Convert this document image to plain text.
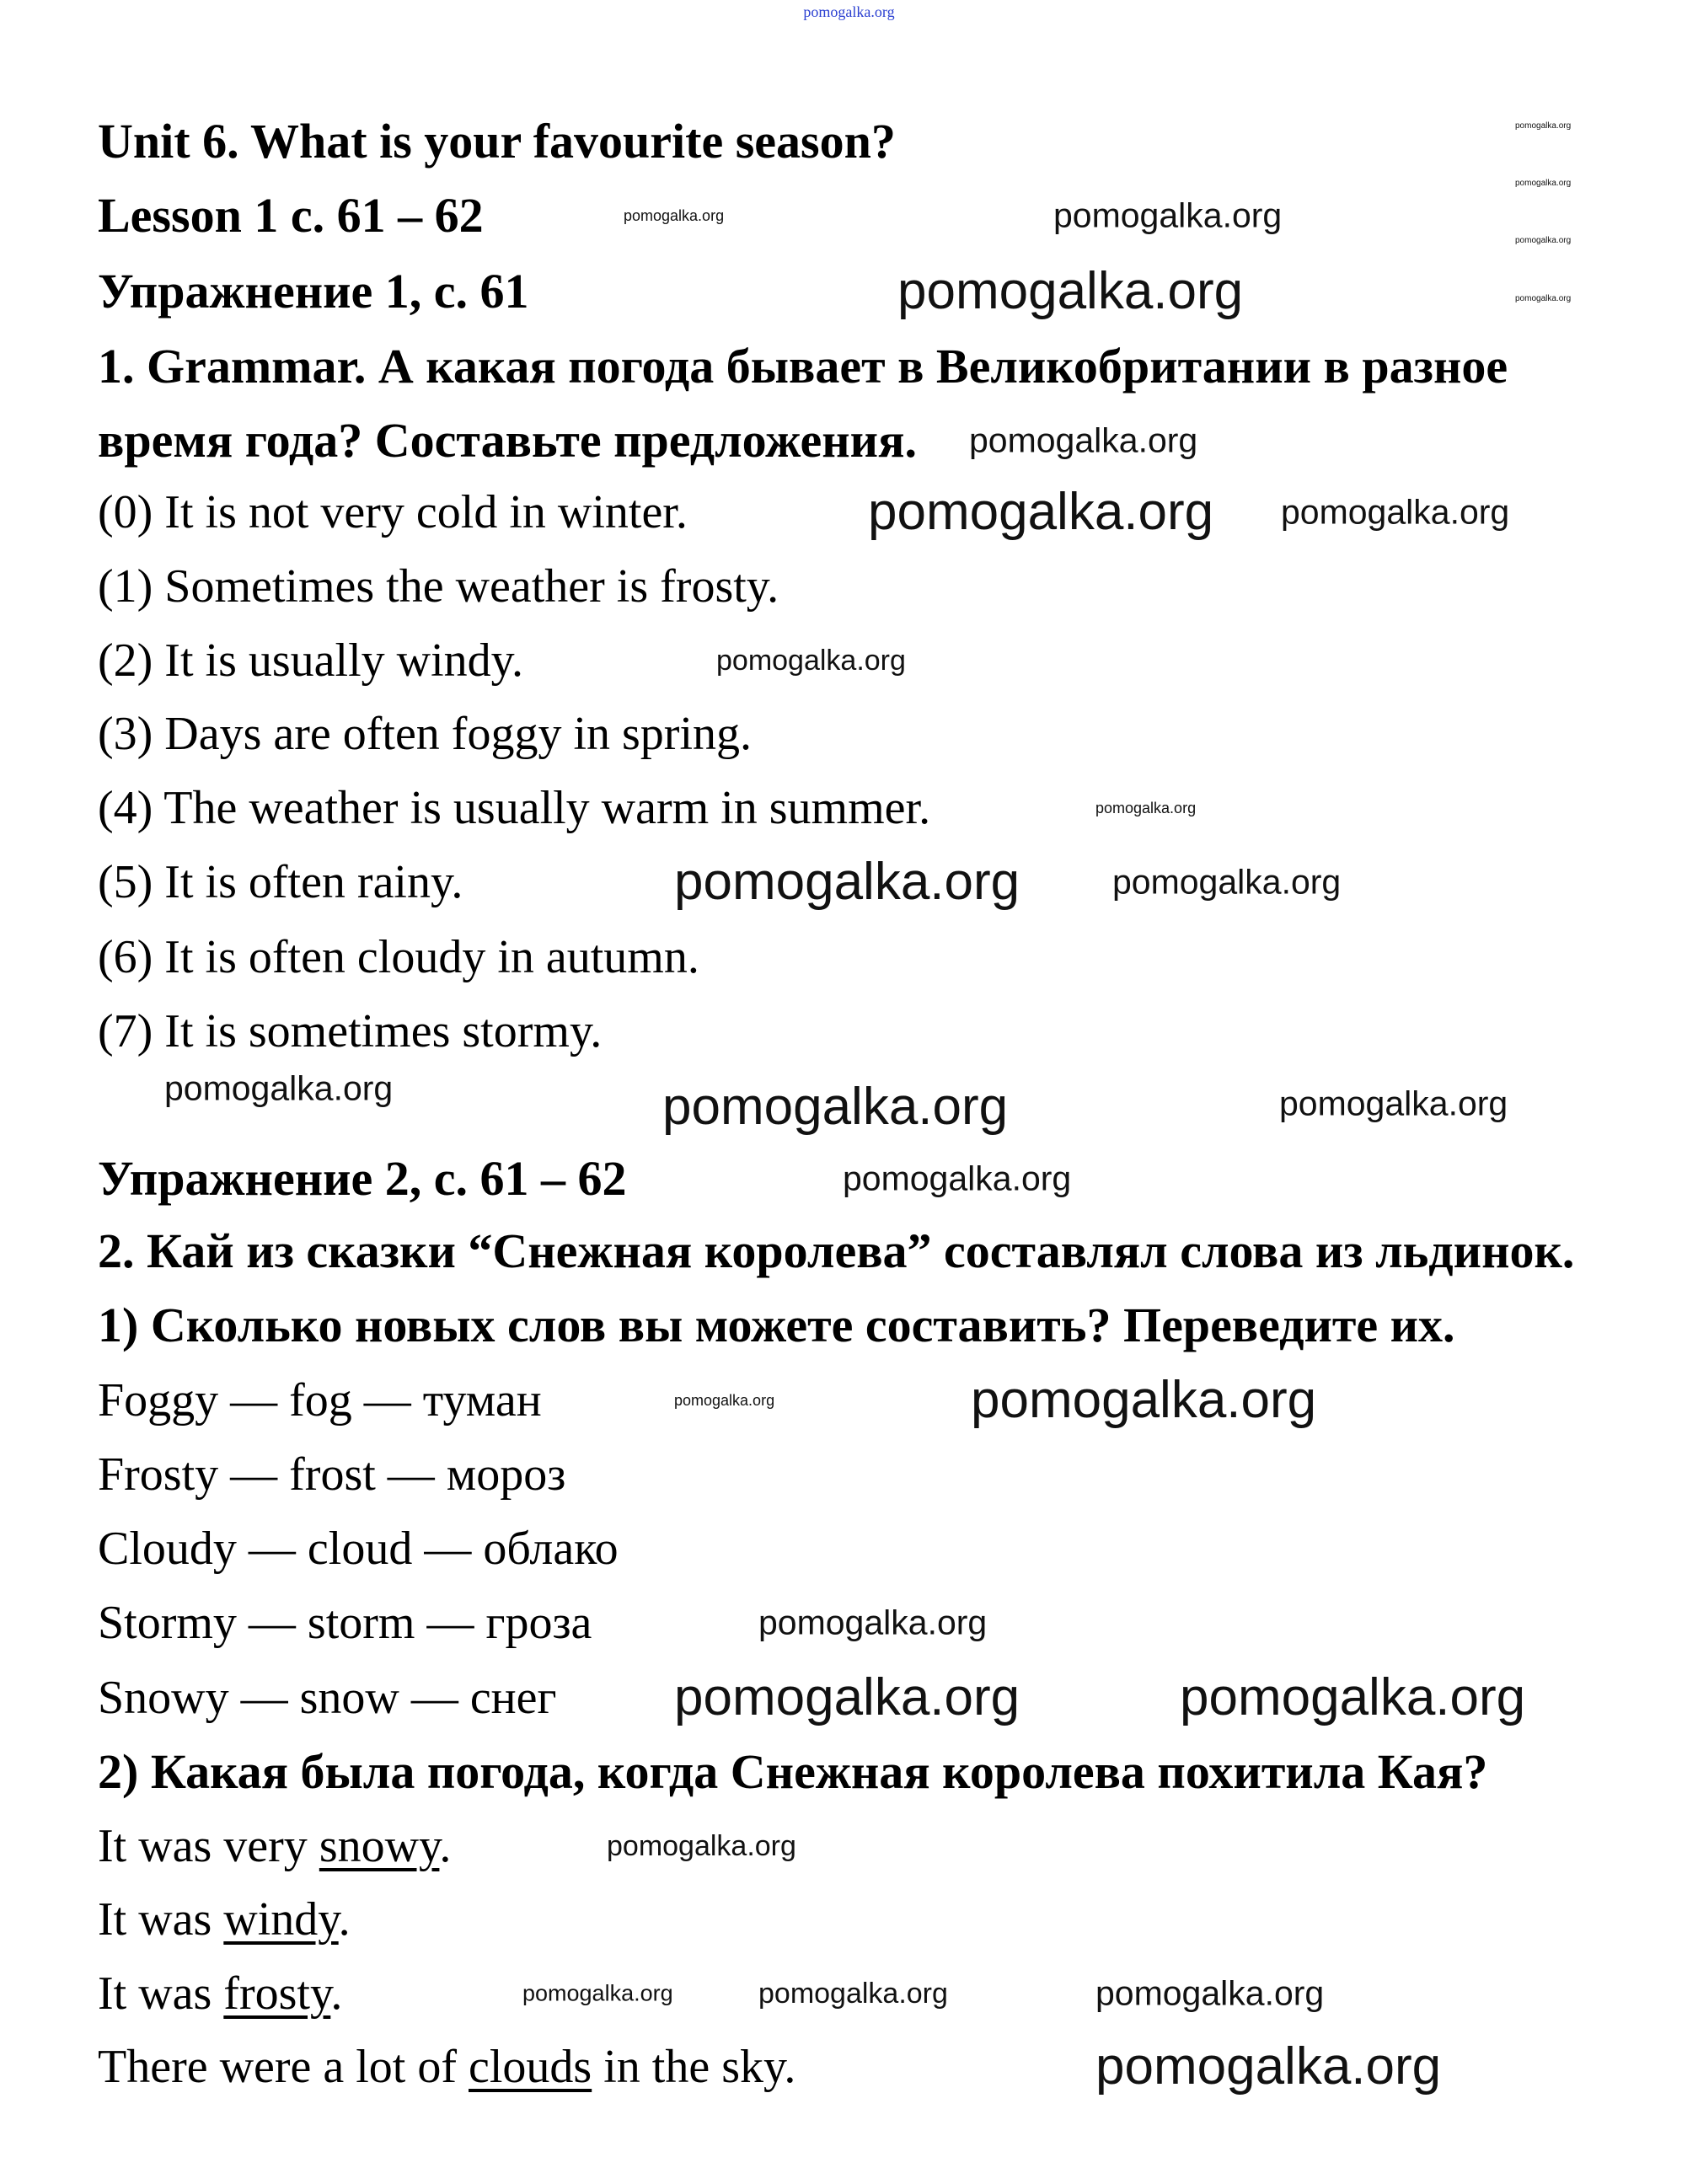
pomogalka.org
Unit 6. What is your favourite season?
Lesson 1 с. 61 – 62
Упражнение 1, с. 61
1. Grammar. А какая погода бывает в Великобритании в разное
время года? Составьте предложения.
(0) It is not very cold in winter.
(1) Sometimes the weather is frosty.
(2) It is usually windy.
(3) Days are often foggy in spring.
(4) The weather is usually warm in summer.
(5) It is often rainy.
(6) It is often cloudy in autumn.
(7) It is sometimes stormy.
Упражнение 2, с. 61 – 62
2. Кай из сказки “Снежная королева” составлял слова из льдинок.
1) Сколько новых слов вы можете составить? Переведите их.
Foggy — fog — туман
Frosty — frost — мороз
Cloudy — cloud — облако
Stormy — storm — гроза
Snowy — snow — снег
2) Какая была погода, когда Снежная королева похитила Кая?
It was very snowy.
It was windy.
It was frosty.
There were a lot of clouds in the sky.
pomogalka.org
pomogalka.org
pomogalka.org
pomogalka.org
pomogalka.org
pomogalka.org
pomogalka.org
pomogalka.org
pomogalka.org pomogalka.org
pomogalka.org
pomogalka.org
pomogalka.org	pomogalka.org
pomogalka.org	pomogalka.org	pomogalka.org
pomogalka.org
pomogalka.org	pomogalka.org
pomogalka.org
pomogalka.org	pomogalka.org
pomogalka.org
pomogalka.org	pomogalka.org	pomogalka.org
pomogalka.org
